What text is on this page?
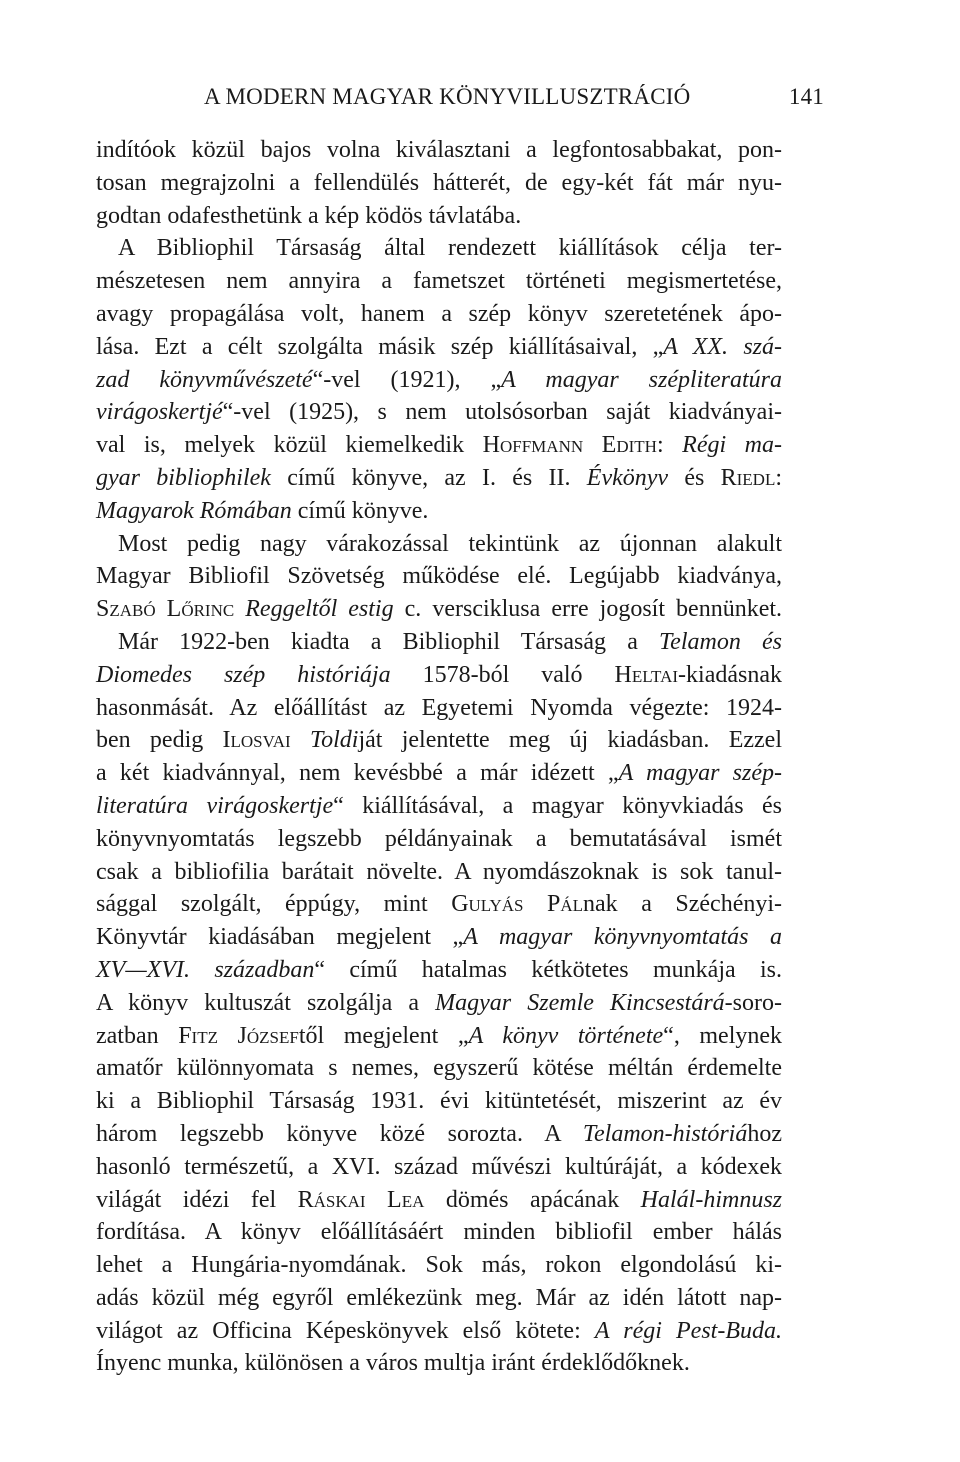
A MODERN MAGYAR KÖNYVILLUSZTRÁCIÓ	141
indítóok közül bajos volna kiválasztani a legfontosabbakat, pon-
tosan megrajzolni a fellendülés hátterét, de egy-két fát már nyu-
godtan odafesthetünk a kép ködös távlatába.
A Bibliophil Társaság által rendezett kiállítások célja ter-
mészetesen nem annyira a fametszet történeti megismertetése,
avagy propagálása volt, hanem a szép könyv szeretetének ápo-
lása. Ezt a célt szolgálta másik szép kiállításaival, „A XX. szá-
zad könyvművészeté“-vel (1921), „A magyar szépliteratúra
virágoskertjé“-vel (1925), s nem utolsósorban saját kiadványai-
val is, melyek közül kiemelkedik Hoffmann Edith: Régi ma-
gyar bibliophilek című könyve, az I. és II. Évkönyv és Riedl:
Magyarok Rómában című könyve.
Most pedig nagy várakozással tekintünk az újonnan alakult
Magyar Bibliofil Szövetség működése elé. Legújabb kiadványa,
Szabó Lőrinc Reggeltől estig c. versciklusa erre jogosít bennünket.
Már 1922-ben kiadta a Bibliophil Társaság a Telamon és
Diomedes szép históriája 1578-ból való Heltai-kiadásnak
hasonmását. Az előállítást az Egyetemi Nyomda végezte: 1924-
ben pedig Ilosvai Toldiját jelentette meg új kiadásban. Ezzel
a két kiadvánnyal, nem kevésbbé a már idézett „A magyar szép-
literatúra virágoskertje“ kiállításával, a magyar könyvkiadás és
könyvnyomtatás legszebb példányainak a bemutatásával ismét
csak a bibliofilia barátait növelte. A nyomdászoknak is sok tanul-
sággal szolgált, éppúgy, mint Gulyás Pálnak a Széchényi-
Könyvtár kiadásában megjelent „A magyar könyvnyomtatás a
XV—XVI. században“ című hatalmas kétkötetes munkája is.
A könyv kultuszát szolgálja a Magyar Szemle Kincsestárá-soro-
zatban Fitz Józseftől megjelent „A könyv története“, melynek
amatőr különnyomata s nemes, egyszerű kötése méltán érdemelte
ki a Bibliophil Társaság 1931. évi kitüntetését, miszerint az év
három legszebb könyve közé sorozta. A Telamon-históriához
hasonló természetű, a XVI. század művészi kultúráját, a kódexek
világát idézi fel Ráskai Lea dömés apácának Halál-himnusz
fordítása. A könyv előállításáért minden bibliofil ember hálás
lehet a Hungária-nyomdának. Sok más, rokon elgondolású ki-
adás közül még egyről emlékezünk meg. Már az idén látott nap-
világot az Officina Képeskönyvek első kötete: A régi Pest-Buda.
Ínyenc munka, különösen a város multja iránt érdeklődőknek.
